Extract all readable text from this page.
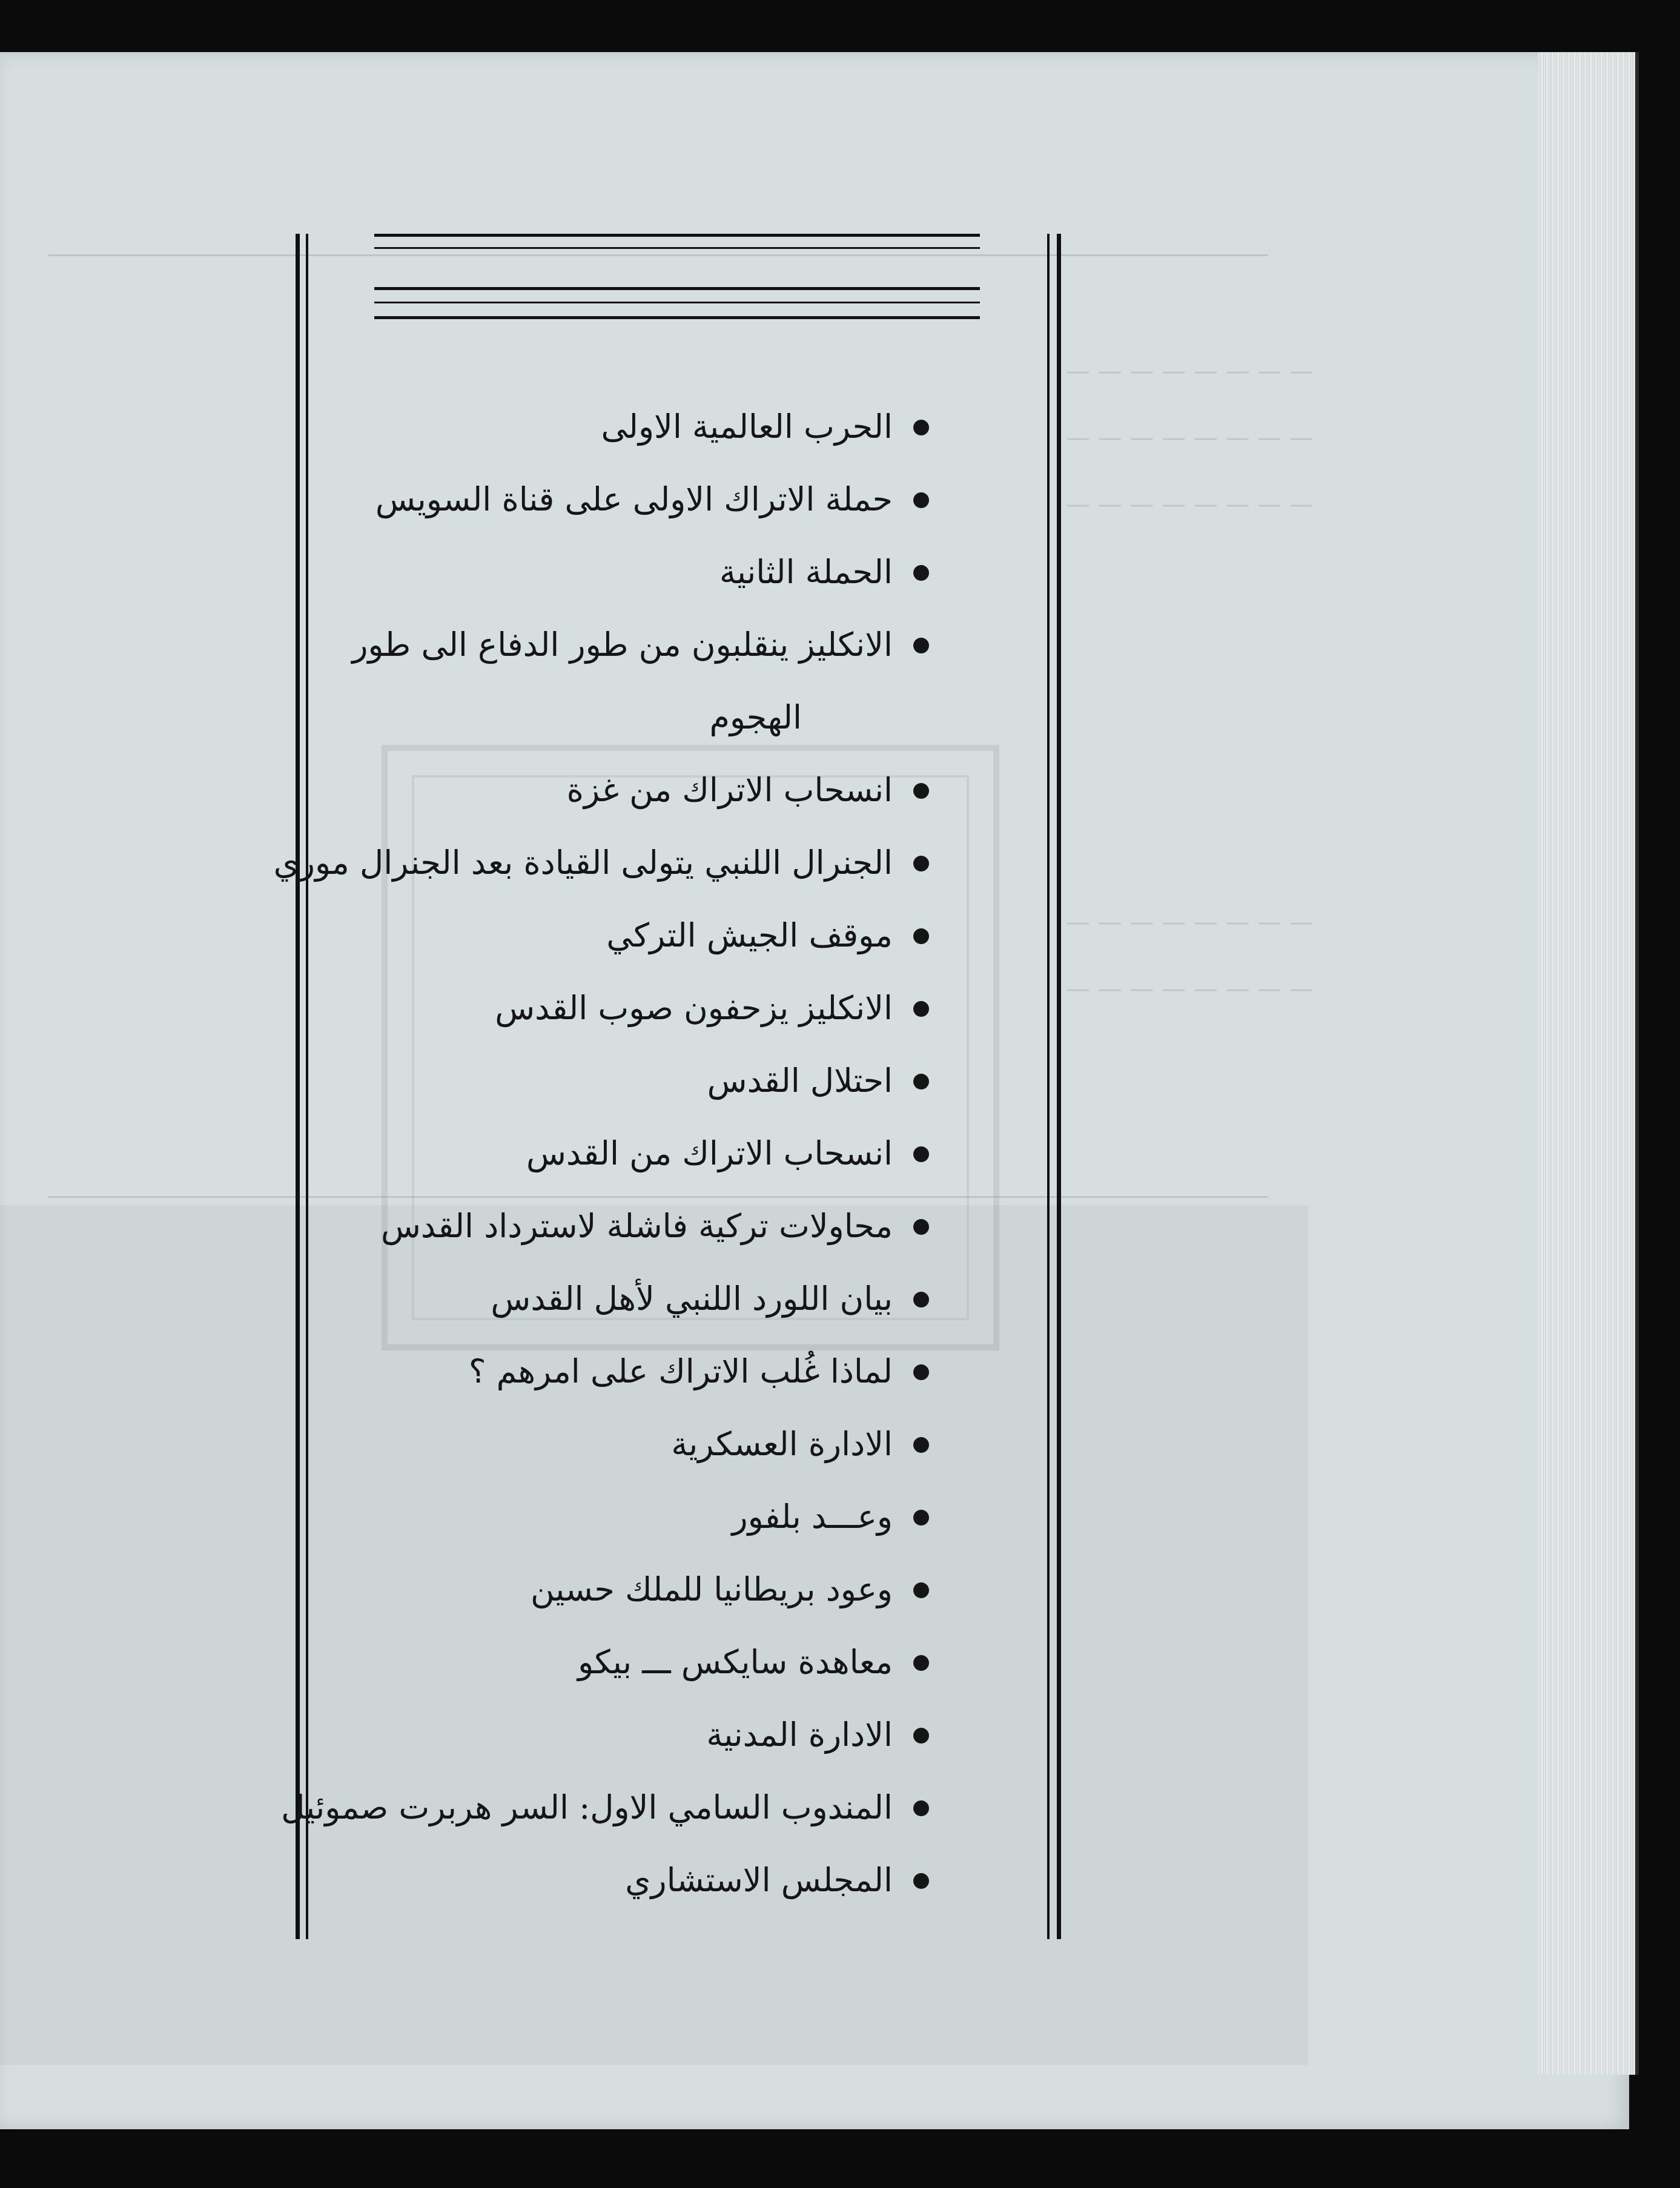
— — — — — — — —
— — — — — — — —
— — — — — — — —
— — — — — — — —
— — — — — — — —
الحرب العالمية الاولى
حملة الاتراك الاولى على قناة السويس
الحملة الثانية
الانكليز ينقلبون من طور الدفاع الى طور
الهجوم
انسحاب الاتراك من غزة
الجنرال اللنبي يتولى القيادة بعد الجنرال موري
موقف الجيش التركي
الانكليز يزحفون صوب القدس
احتلال القدس
انسحاب الاتراك من القدس
محاولات تركية فاشلة لاسترداد القدس
بيان اللورد اللنبي لأهل القدس
لماذا غُلب الاتراك على امرهم ؟
الادارة العسكرية
وعـــد بلفور
وعود بريطانيا للملك حسين
معاهدة سايكس ـــ بيكو
الادارة المدنية
المندوب السامي الاول: السر هربرت صموئيل
المجلس الاستشاري
